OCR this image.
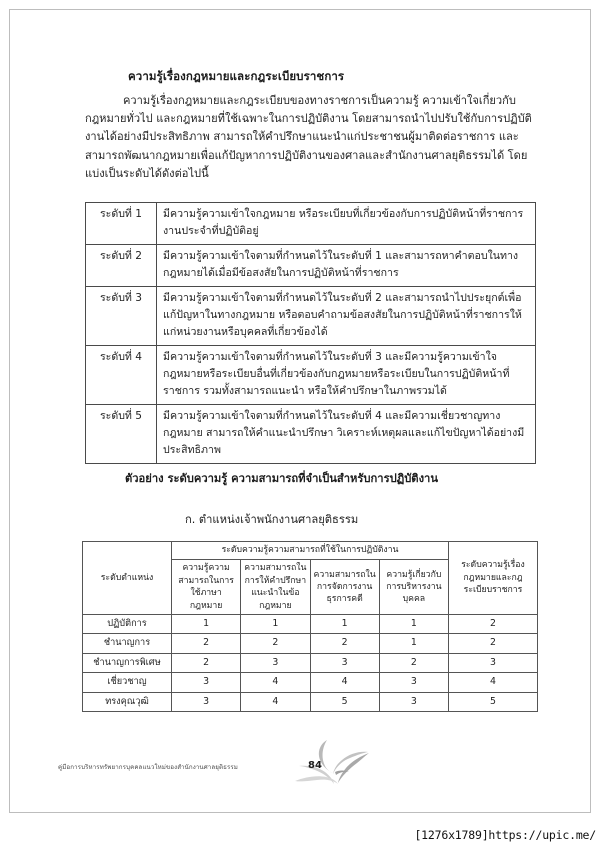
ความรู้เรื่องกฎหมายและกฎระเบียบราชการ
ความรู้เรื่องกฎหมายและกฎระเบียบของทางราชการเป็นความรู้ ความเข้าใจเกี่ยวกับกฎหมายทั่วไป และกฎหมายที่ใช้เฉพาะในการปฏิบัติงาน โดยสามารถนำไปปรับใช้กับการปฏิบัติงานได้อย่างมีประสิทธิภาพ สามารถให้คำปรึกษาแนะนำแก่ประชาชนผู้มาติดต่อราชการ และสามารถพัฒนากฎหมายเพื่อแก้ปัญหาการปฏิบัติงานของศาลและสำนักงานศาลยุติธรรมได้ โดยแบ่งเป็นระดับได้ดังต่อไปนี้
ระดับที่ 1	มีความรู้ความเข้าใจกฎหมาย หรือระเบียบที่เกี่ยวข้องกับการปฏิบัติหน้าที่ราชการ งานประจำที่ปฏิบัติอยู่
ระดับที่ 2	มีความรู้ความเข้าใจตามที่กำหนดไว้ในระดับที่ 1 และสามารถหาคำตอบในทางกฎหมายได้เมื่อมีข้อสงสัยในการปฏิบัติหน้าที่ราชการ
ระดับที่ 3	มีความรู้ความเข้าใจตามที่กำหนดไว้ในระดับที่ 2 และสามารถนำไปประยุกต์เพื่อแก้ปัญหาในทางกฎหมาย หรือตอบคำถามข้อสงสัยในการปฏิบัติหน้าที่ราชการให้แก่หน่วยงานหรือบุคคลที่เกี่ยวข้องได้
ระดับที่ 4	มีความรู้ความเข้าใจตามที่กำหนดไว้ในระดับที่ 3 และมีความรู้ความเข้าใจกฎหมายหรือระเบียบอื่นที่เกี่ยวข้องกับกฎหมายหรือระเบียบในการปฏิบัติหน้าที่ราชการ รวมทั้งสามารถแนะนำ หรือให้คำปรึกษาในภาพรวมได้
ระดับที่ 5	มีความรู้ความเข้าใจตามที่กำหนดไว้ในระดับที่ 4 และมีความเชี่ยวชาญทางกฎหมาย สามารถให้คำแนะนำปรึกษา วิเคราะห์เหตุผลและแก้ไขปัญหาได้อย่างมีประสิทธิภาพ
ตัวอย่าง ระดับความรู้ ความสามารถที่จำเป็นสำหรับการปฏิบัติงาน
ก. ตำแหน่งเจ้าพนักงานศาลยุติธรรม
ระดับตำแหน่ง	ระดับความรู้ความสามารถที่ใช้ในการปฏิบัติงาน				ระดับความรู้เรื่องกฎหมายและกฎระเบียบราชการ
	ความรู้ความสามารถในการใช้ภาษากฎหมาย	ความสามารถในการให้คำปรึกษาแนะนำในข้อกฎหมาย	ความสามารถในการจัดการงานธุรการคดี	ความรู้เกี่ยวกับการบริหารงานบุคคล	
ปฏิบัติการ	1	1	1	1	2
ชำนาญการ	2	2	2	1	2
ชำนาญการพิเศษ	2	3	3	2	3
เชี่ยวชาญ	3	4	4	3	4
ทรงคุณวุฒิ	3	4	5	3	5
คู่มือการบริหารทรัพยากรบุคคลแนวใหม่ของสำนักงานศาลยุติธรรม	84
[1276x1789]https://upic.me/
